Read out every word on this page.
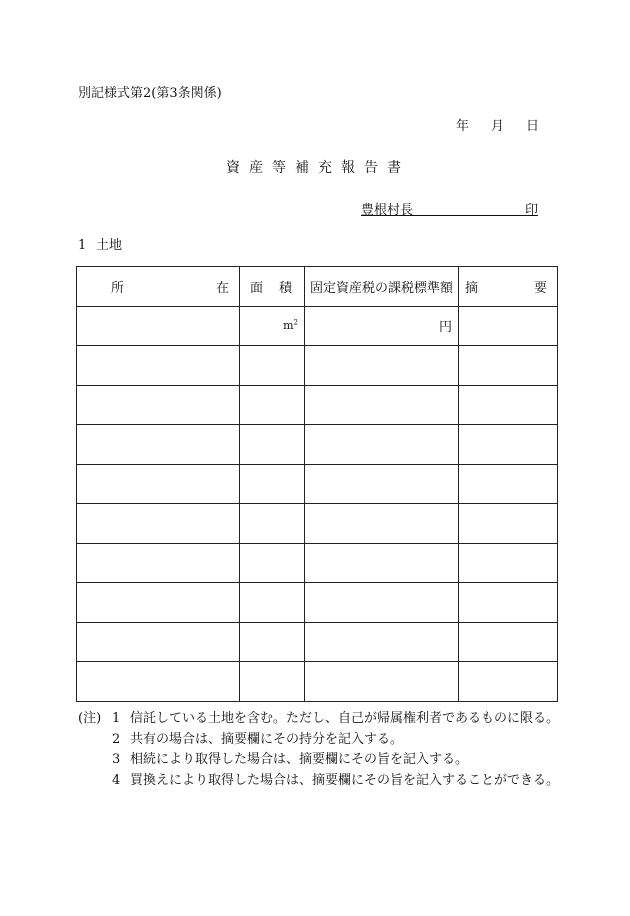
別記様式第2(第3条関係)
年 月 日
資産等補充報告書
豊根村長	印
1 土地
所 在	面 積	固定資産税の課税標準額	摘 要

	$m^2$	円	

(注) 1 信託している土地を含む。ただし、自己が帰属権利者であるものに限る。
2 共有の場合は、摘要欄にその持分を記入する。
3 相続により取得した場合は、摘要欄にその旨を記入する。
4 買換えにより取得した場合は、摘要欄にその旨を記入することができる。
